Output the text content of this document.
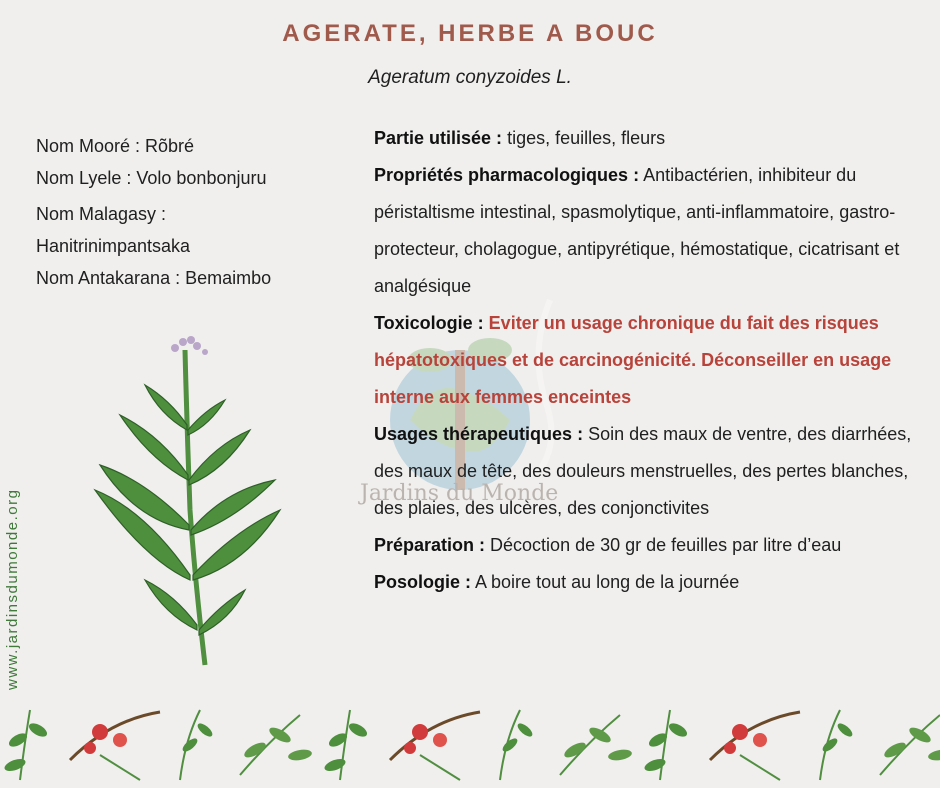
AGERATE, HERBE A BOUC
Ageratum conyzoides L.
Nom Mooré : Rõbré
Nom Lyele : Volo bonbonjuru
Nom Malagasy :
Hanitrinimpantsaka
Nom Antakarana : Bemaimbo
Jardins du Monde

Partie utilisée : tiges, feuilles, fleurs

Propriétés pharmacologiques : Antibactérien, inhibiteur du péristaltisme intestinal, spasmolytique, anti-inflammatoire, gastro-protecteur, cholagogue, antipyrétique, hémostatique, cicatrisant et analgésique

Toxicologie : Eviter un usage chronique du fait des risques hépatotoxiques et de carcinogénicité. Déconseiller en usage interne aux femmes enceintes

Usages thérapeutiques : Soin des maux de ventre, des diarrhées, des maux de tête, des douleurs menstruelles, des pertes blanches, des plaies, des ulcères, des conjonctivites

Préparation : Décoction de 30 gr de feuilles par litre d’eau

Posologie : A boire tout au long de la journée

www.jardinsdumonde.org
